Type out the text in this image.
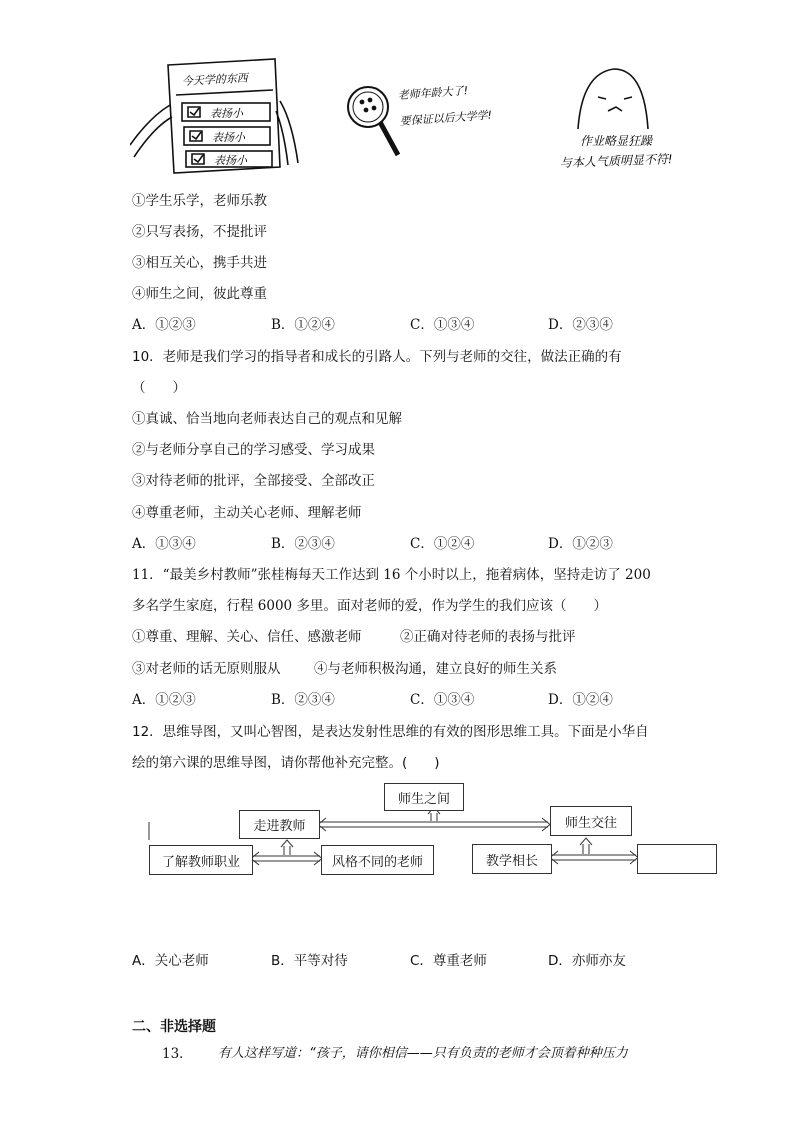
今天学的东西
表扬小
表扬小
表扬小
老师年龄大了!
要保证以后大学学!
作业略显狂躁
与本人气质明显不符!
①学生乐学，老师乐教
②只写表扬，不提批评
③相互关心，携手共进
④师生之间，彼此尊重
A．①②③	B．①②④	C．①③④	D．②③④
10．老师是我们学习的指导者和成长的引路人。下列与老师的交往，做法正确的有
（　　）
①真诚、恰当地向老师表达自己的观点和见解
②与老师分享自己的学习感受、学习成果
③对待老师的批评，全部接受、全部改正
④尊重老师，主动关心老师、理解老师
A．①③④	B．②③④	C．①②④	D．①②③
11．“最美乡村教师”张桂梅每天工作达到 16 个小时以上，拖着病体，坚持走访了 200
多名学生家庭，行程 6000 多里。面对老师的爱，作为学生的我们应该（　　）
①尊重、理解、关心、信任、感激老师	②正确对待老师的表扬与批评
③对老师的话无原则服从 ④与老师积极沟通，建立良好的师生关系
A．①②③	B．②③④	C．①③④	D．①②④
12．思维导图，又叫心智图，是表达发射性思维的有效的图形思维工具。下面是小华自
绘的第六课的思维导图，请你帮他补充完整。(　　)
师生之间
走进教师	师生交往
了解教师职业	风格不同的老师	教学相长
A．关心老师	B．平等对待	C．尊重老师	D．亦师亦友
二、非选择题
13． 有人这样写道：“孩子，请你相信——只有负责的老师才会顶着种种压力
